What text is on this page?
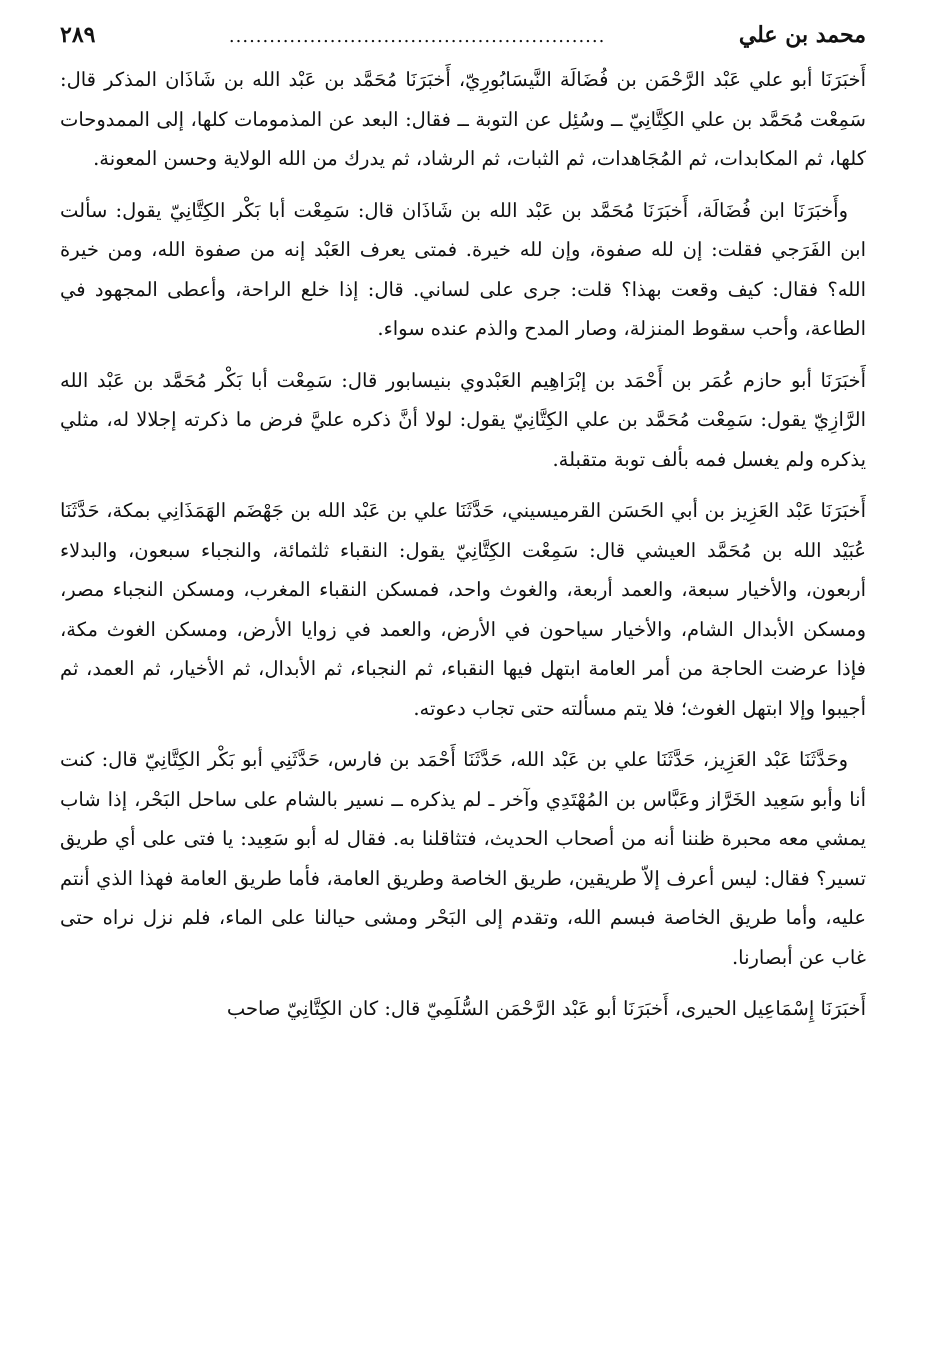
محمد بن علي
........................................................
٢٨٩

أَخبَرَنَا أبو علي عَبْد الرَّحْمَن بن فُضَالَة النَّيسَابُورِيّ، أَخبَرَنَا مُحَمَّد بن عَبْد الله بن شَاذَان المذكر قال: سَمِعْت مُحَمَّد بن علي الكِتَّانِيّ ــ وسُئِل عن التوبة ــ فقال: البعد عن المذمومات كلها، إلى الممدوحات كلها، ثم المكابدات، ثم المُجَاهدات، ثم الثبات، ثم الرشاد، ثم يدرك من الله الولاية وحسن المعونة.

وأَخبَرَنَا ابن فُضَالَة، أَخبَرَنَا مُحَمَّد بن عَبْد الله بن شَاذَان قال: سَمِعْت أبا بَكْر الكِتَّانِيّ يقول: سألت ابن الفَرَجي فقلت: إن لله صفوة، وإن لله خيرة. فمتى يعرف العَبْد إنه من صفوة الله، ومن خيرة الله؟ فقال: كيف وقعت بهذا؟ قلت: جرى على لساني. قال: إذا خلع الراحة، وأعطى المجهود في الطاعة، وأحب سقوط المنزلة، وصار المدح والذم عنده سواء.

أَخبَرَنَا أبو حازم عُمَر بن أَحْمَد بن إبْرَاهِيم العَبْدوي بنيسابور قال: سَمِعْت أبا بَكْر مُحَمَّد بن عَبْد الله الرَّازِيّ يقول: سَمِعْت مُحَمَّد بن علي الكِتَّانِيّ يقول: لولا أنَّ ذكره عليَّ فرض ما ذكرته إجلالا له، مثلي يذكره ولم يغسل فمه بألف توبة متقبلة.

أَخبَرَنَا عَبْد العَزِيز بن أبي الحَسَن القرميسيني، حَدَّثَنَا علي بن عَبْد الله بن جَهْضَم الهَمَذَانِي بمكة، حَدَّثَنَا عُبَيْد الله بن مُحَمَّد العيشي قال: سَمِعْت الكِتَّانِيّ يقول: النقباء ثلثمائة، والنجباء سبعون، والبدلاء أربعون، والأخيار سبعة، والعمد أربعة، والغوث واحد، فمسكن النقباء المغرب، ومسكن النجباء مصر، ومسكن الأبدال الشام، والأخيار سياحون في الأرض، والعمد في زوايا الأرض، ومسكن الغوث مكة، فإذا عرضت الحاجة من أمر العامة ابتهل فيها النقباء، ثم النجباء، ثم الأبدال، ثم الأخيار، ثم العمد، ثم أجيبوا وإلا ابتهل الغوث؛ فلا يتم مسألته حتى تجاب دعوته.

وحَدَّثَنَا عَبْد العَزِيز، حَدَّثَنَا علي بن عَبْد الله، حَدَّثَنَا أَحْمَد بن فارس، حَدَّثَنِي أبو بَكْر الكِتَّانِيّ قال: كنت أنا وأبو سَعِيد الخَرَّاز وعَبَّاس بن المُهْتَدِي وآخر ـ لم يذكره ــ نسير بالشام على ساحل البَحْر، إذا شاب يمشي معه محبرة ظننا أنه من أصحاب الحديث، فتثاقلنا به. فقال له أبو سَعِيد: يا فتى على أي طريق تسير؟ فقال: ليس أعرف إلاّ طريقين، طريق الخاصة وطريق العامة، فأما طريق العامة فهذا الذي أنتم عليه، وأما طريق الخاصة فبسم الله، وتقدم إلى البَحْر ومشى حيالنا على الماء، فلم نزل نراه حتى غاب عن أبصارنا.

أَخبَرَنَا إِسْمَاعِيل الحيرى، أَخبَرَنَا أبو عَبْد الرَّحْمَن السُّلَمِيّ قال: كان الكِتَّانِيّ صاحب
